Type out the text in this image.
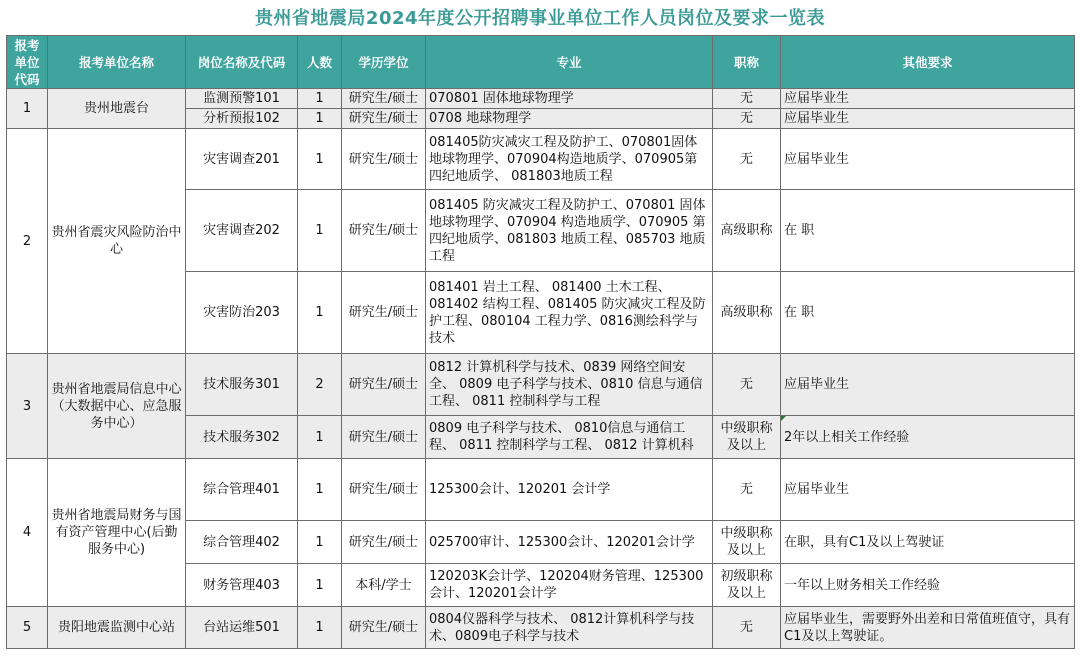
贵州省地震局2024年度公开招聘事业单位工作人员岗位及要求一览表
报考
单位
代码	报考单位名称	岗位名称及代码	人数	学历学位	专业	职称	其他要求
1	贵州地震台	监测预警101	1	研究生/硕士	070801 固体地球物理学	无	应届毕业生
		分析预报102	1	研究生/硕士	0708 地球物理学	无	应届毕业生
2	贵州省震灾风险防治中心	灾害调查201	1	研究生/硕士	081405防灾减灾工程及防护工、070801固体地球物理学、070904构造地质学、070905第四纪地质学、 081803地质工程	无	应届毕业生
		灾害调查202	1	研究生/硕士	081405 防灾减灾工程及防护工、070801 固体地球物理学、070904 构造地质学、070905 第四纪地质学、081803 地质工程、085703 地质工程	高级职称	在 职
		灾害防治203	1	研究生/硕士	081401 岩土工程、 081400 土木工程、081402 结构工程、081405 防灾减灾工程及防护工程、080104 工程力学、0816测绘科学与技术	高级职称	在 职
3	贵州省地震局信息中心（大数据中心、应急服务中心）	技术服务301	2	研究生/硕士	0812 计算机科学与技术、0839 网络空间安全、 0809 电子科学与技术、0810 信息与通信工程、 0811 控制科学与工程	无	应届毕业生
		技术服务302	1	研究生/硕士	0809 电子科学与技术、 0810信息与通信工程、 0811 控制科学与工程、 0812 计算机科	中级职称及以上	2年以上相关工作经验
4	贵州省地震局财务与国有资产管理中心(后勤服务中心)	综合管理401	1	研究生/硕士	125300会计、120201 会计学	无	应届毕业生
		综合管理402	1	研究生/硕士	025700审计、125300会计、120201会计学	中级职称及以上	在职，具有C1及以上驾驶证
		财务管理403	1	本科/学士	120203K会计学、120204财务管理、125300会计、120201会计学	初级职称及以上	一年以上财务相关工作经验
5	贵阳地震监测中心站	台站运维501	1	研究生/硕士	0804仪器科学与技术、 0812计算机科学与技术、0809电子科学与技术	无	应届毕业生，需要野外出差和日常值班值守，具有C1及以上驾驶证。
